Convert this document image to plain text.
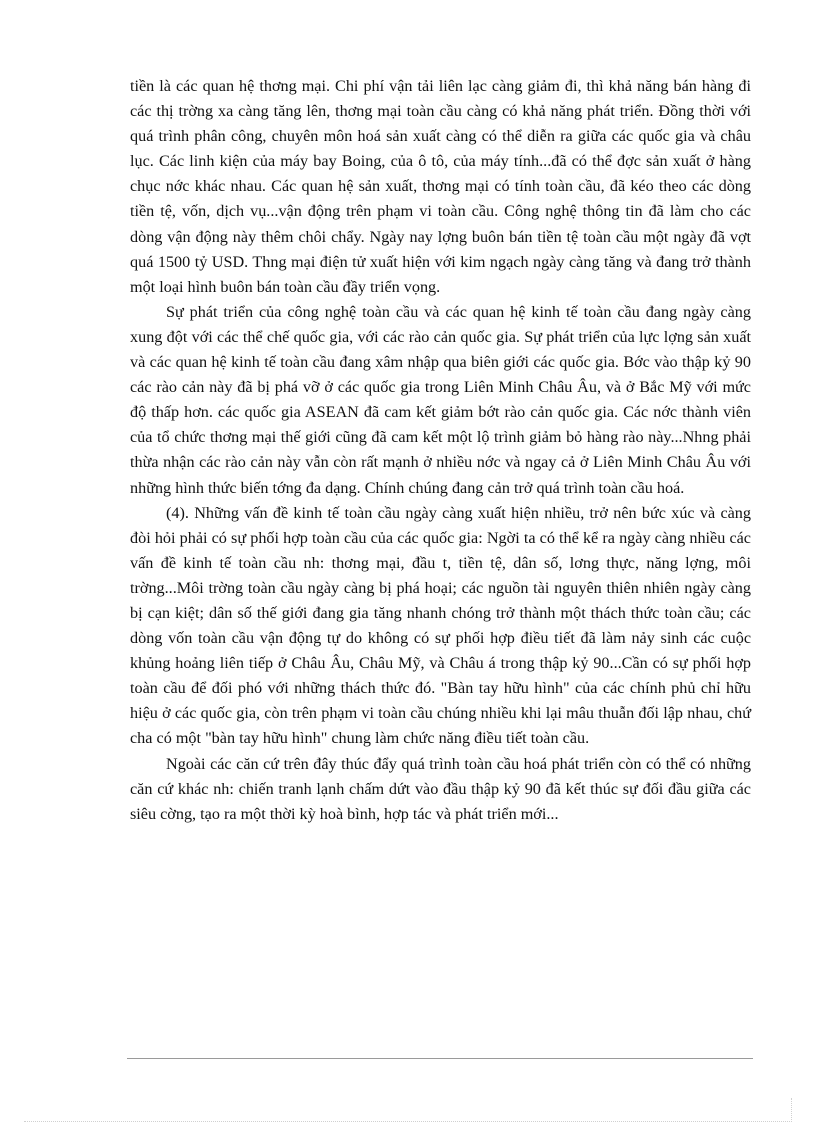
tiền là các quan hệ thơng mại. Chi phí vận tải liên lạc càng giảm đi, thì khả năng bán hàng đi các thị trờng xa càng tăng lên, thơng mại toàn cầu càng có khả năng phát triển. Đồng thời với quá trình phân công, chuyên môn hoá sản xuất càng có thể diễn ra giữa các quốc gia và châu lục. Các linh kiện của máy bay Boing, của ô tô, của máy tính...đã có thể đợc sản xuất ở hàng chục nớc khác nhau. Các quan hệ sản xuất, thơng mại có tính toàn cầu, đã kéo theo các dòng tiền tệ, vốn, dịch vụ...vận động trên phạm vi toàn cầu. Công nghệ thông tin đã làm cho các dòng vận động này thêm chôi chẩy. Ngày nay lợng buôn bán tiền tệ toàn cầu một ngày đã vợt quá 1500 tỷ USD. Thng mại điện tử xuất hiện với kim ngạch ngày càng tăng và đang trở thành một loại hình buôn bán toàn cầu đầy triển vọng.

Sự phát triển của công nghệ toàn cầu và các quan hệ kinh tế toàn cầu đang ngày càng xung đột với các thể chế quốc gia, với các rào cản quốc gia. Sự phát triển của lực lợng sản xuất và các quan hệ kinh tế toàn cầu đang xâm nhập qua biên giới các quốc gia. Bớc vào thập kỷ 90 các rào cản này đã bị phá vỡ ở các quốc gia trong Liên Minh Châu Âu, và ở Bắc Mỹ với mức độ thấp hơn. các quốc gia ASEAN đã cam kết giảm bớt rào cản quốc gia. Các nớc thành viên của tổ chức thơng mại thế giới cũng đã cam kết một lộ trình giảm bỏ hàng rào này...Nhng phải thừa nhận các rào cản này vẫn còn rất mạnh ở nhiều nớc và ngay cả ở Liên Minh Châu Âu với những hình thức biến tớng đa dạng. Chính chúng đang cản trở quá trình toàn cầu hoá.

(4). Những vấn đề kinh tế toàn cầu ngày càng xuất hiện nhiều, trở nên bức xúc và càng đòi hỏi phải có sự phối hợp toàn cầu của các quốc gia: Ngời ta có thể kể ra ngày càng nhiều các vấn đề kinh tế toàn cầu nh: thơng mại, đầu t, tiền tệ, dân số, lơng thực, năng lợng, môi trờng...Môi trờng toàn cầu ngày càng bị phá hoại; các nguồn tài nguyên thiên nhiên ngày càng bị cạn kiệt; dân số thế giới đang gia tăng nhanh chóng trở thành một thách thức toàn cầu; các dòng vốn toàn cầu vận động tự do không có sự phối hợp điều tiết đã làm nảy sinh các cuộc khủng hoảng liên tiếp ở Châu Âu, Châu Mỹ, và Châu á trong thập kỷ 90...Cần có sự phối hợp toàn cầu để đối phó với những thách thức đó. "Bàn tay hữu hình" của các chính phủ chỉ hữu hiệu ở các quốc gia, còn trên phạm vi toàn cầu chúng nhiều khi lại mâu thuẫn đối lập nhau, chứ cha có một "bàn tay hữu hình" chung làm chức năng điều tiết toàn cầu.

Ngoài các căn cứ trên đây thúc đẩy quá trình toàn cầu hoá phát triển còn có thể có những căn cứ khác nh: chiến tranh lạnh chấm dứt vào đầu thập kỷ 90 đã kết thúc sự đối đầu giữa các siêu cờng, tạo ra một thời kỳ hoà bình, hợp tác và phát triển mới...
